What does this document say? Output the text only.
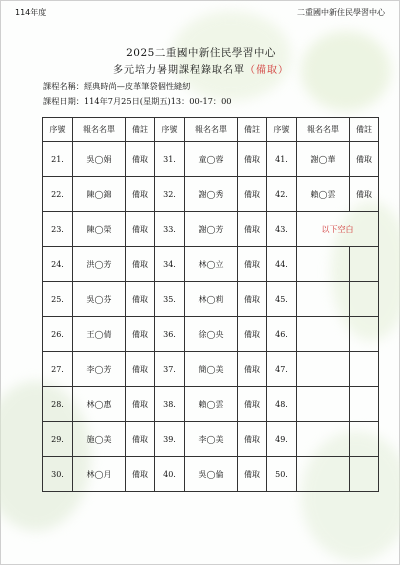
114年度	二重國中新住民學習中心
2025二重國中新住民學習中心
多元培力暑期課程錄取名單（備取）
課程名稱：經典時尚—皮革筆袋個性縫紉
課程日期：114年7月25日(星期五)13：00-17：00
序號	報名名單	備註	序號	報名名單	備註	序號	報名名單	備註
21.	吳◯娟	備取	31.	童◯蓉	備取	41.	謝◯華	備取
22.	陳◯錦	備取	32.	謝◯秀	備取	42.	賴◯雲	備取
23.	陳◯榮	備取	33.	謝◯芳	備取	43.	以下空白	
24.	洪◯芳	備取	34.	林◯立	備取	44.		
25.	吳◯芬	備取	35.	林◯莉	備取	45.		
26.	王◯倩	備取	36.	徐◯央	備取	46.		
27.	李◯芳	備取	37.	簡◯美	備取	47.		
28.	林◯惠	備取	38.	賴◯雲	備取	48.		
29.	施◯美	備取	39.	李◯美	備取	49.		
30.	林◯月	備取	40.	吳◯倫	備取	50.		
